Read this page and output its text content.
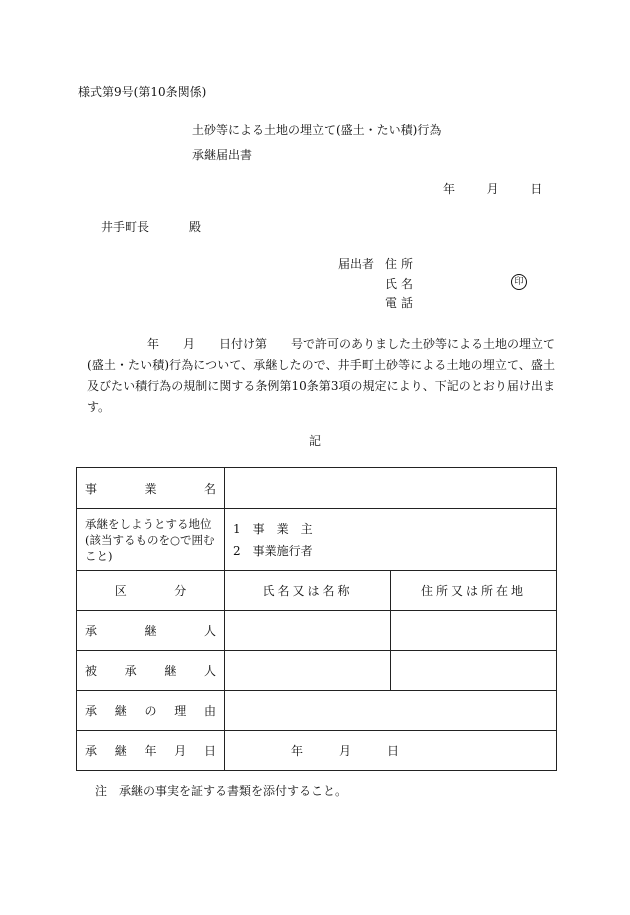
様式第9号(第10条関係)
土砂等による土地の埋立て(盛土・たい積)行為
承継届出書
年	月	日
井手町長	殿
届出者 住所
氏名	印
電話
年　　月　　日付け第　　号で許可のありました土砂等による土地の埋立て(盛土・たい積)行為について、承継したので、井手町土砂等による土地の埋立て、盛土及びたい積行為の規制に関する条例第10条第3項の規定により、下記のとおり届け出ます。
記
事 業 名		

承継をしようとする地位(該当するものを○で囲むこと)	1　事　業　主
2　事業施行者	

区 分	氏名又は名称	住所又は所在地

承 継 人		

被 承 継 人		

承 継 の 理 由		

承 継 年 月 日	年　　　月　　　日	
注　承継の事実を証する書類を添付すること。
